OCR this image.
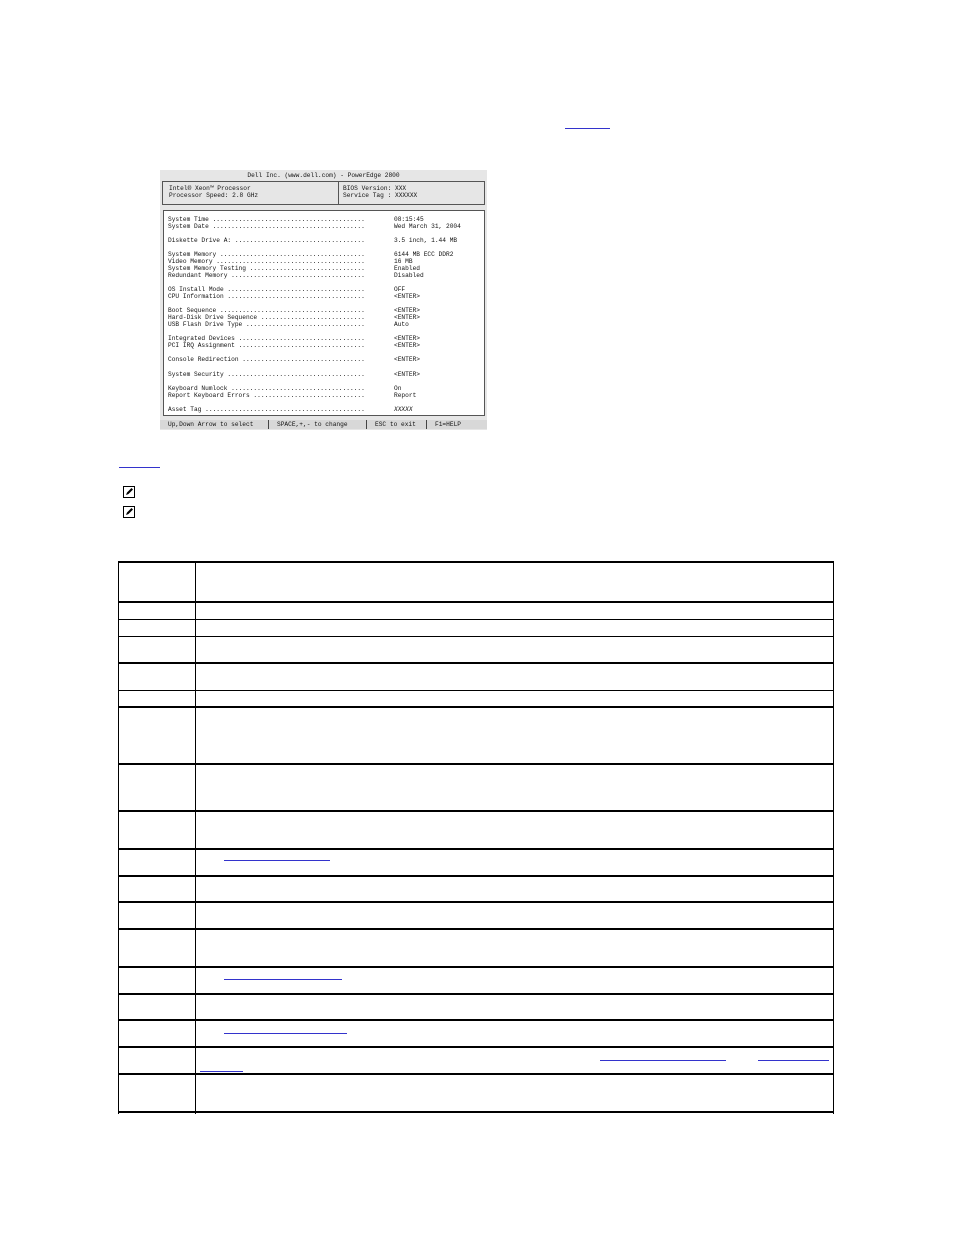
Dell Inc. (www.dell.com) - PowerEdge 2800
Intel® Xeon™ Processor
Processor Speed: 2.8 GHz
BIOS Version: XXX
Service Tag : XXXXXX
System Time .........................................	08:15:45
System Date .........................................	Wed March 31, 2004
Diskette Drive A: ...................................	3.5 inch, 1.44 MB
System Memory .......................................	6144 MB ECC DDR2
Video Memory ........................................	16 MB
System Memory Testing ...............................	Enabled
Redundant Memory ....................................	Disabled
OS Install Mode .....................................	OFF
CPU Information .....................................	<ENTER>
Boot Sequence .......................................	<ENTER>
Hard-Disk Drive Sequence ............................	<ENTER>
USB Flash Drive Type ................................	Auto
Integrated Devices ..................................	<ENTER>
PCI IRQ Assignment ..................................	<ENTER>
Console Redirection .................................	<ENTER>
System Security .....................................	<ENTER>
Keyboard Numlock ....................................	On
Report Keyboard Errors ..............................	Report
Asset Tag ...........................................	XXXXX

Up,Down Arrow to select

	SPACE,+,- to change

	ESC to exit

	F1=HELP
